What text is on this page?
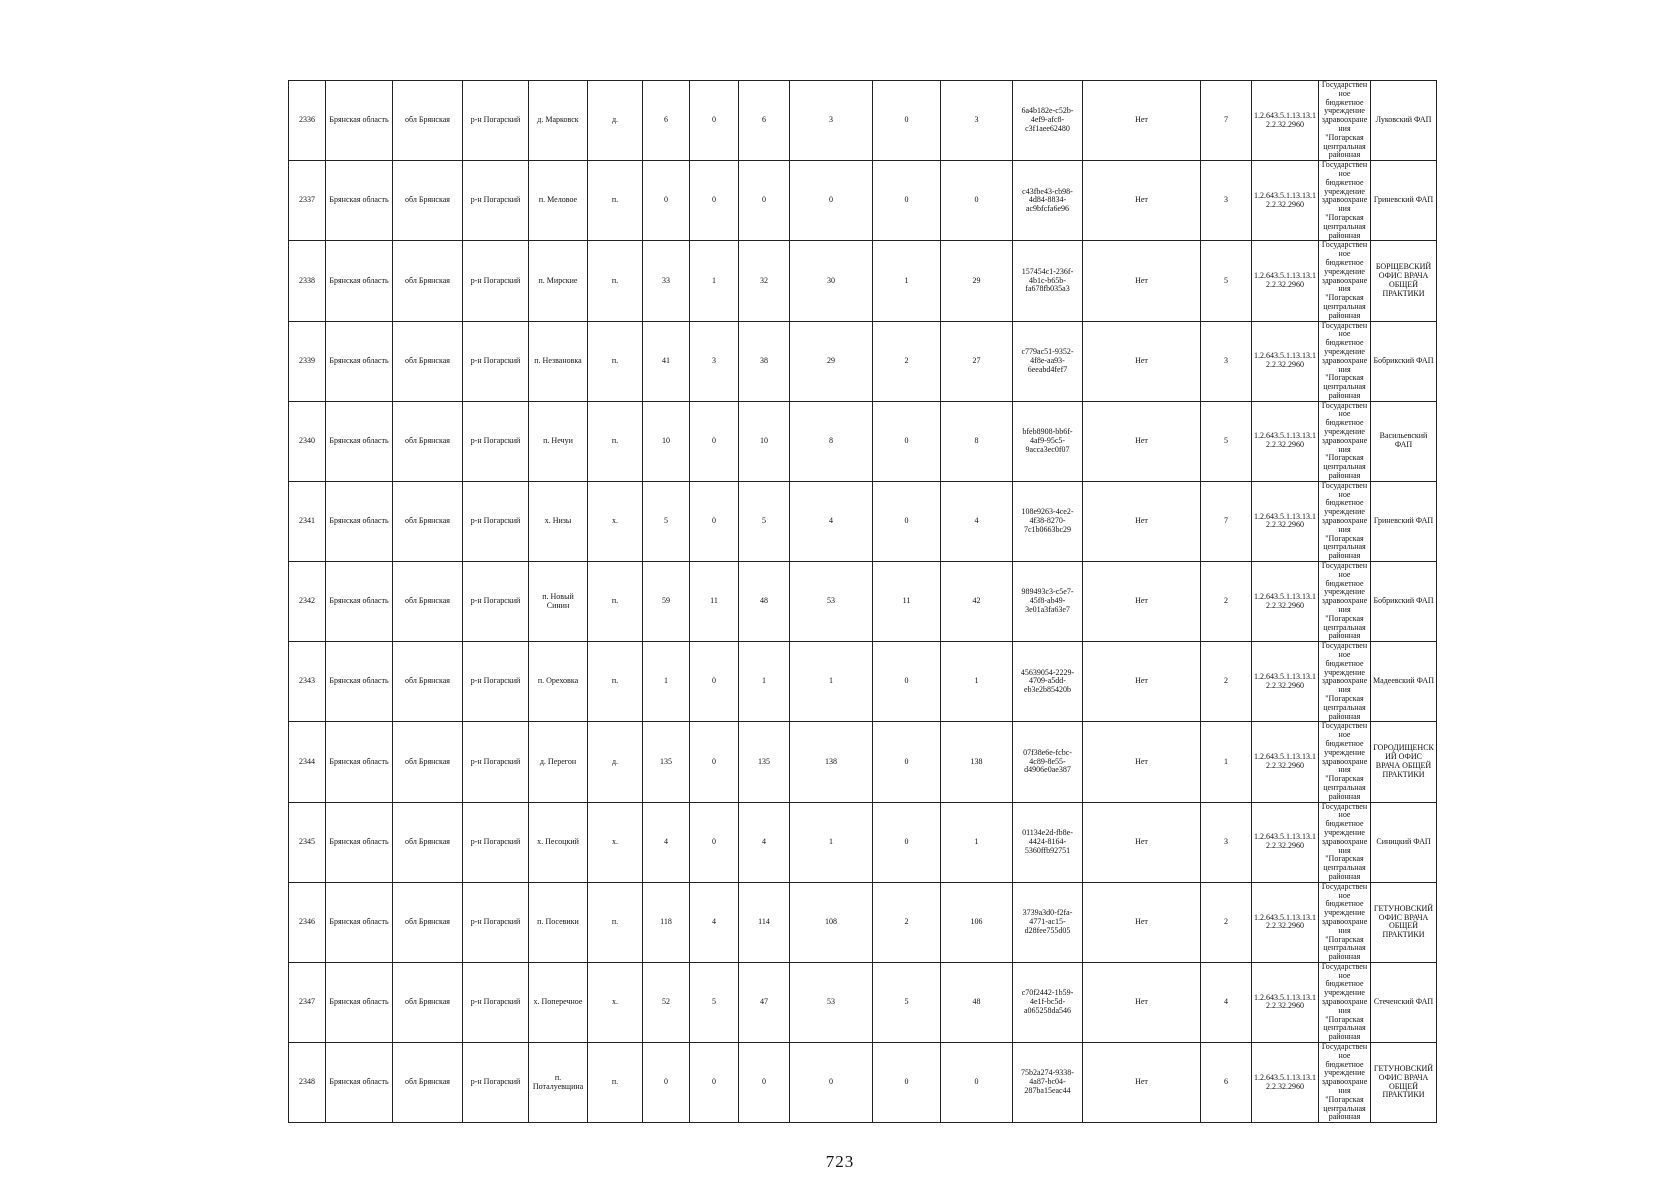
2336	Брянская область	обл Брянская	р-н Погарский	д. Марковск	д.	6	0	6	3	0	3	6a4b182e-c52b-4ef9-afc8-c3f1aee62480	Нет	7	1.2.643.5.1.13.13.12.2.32.2960	Государственное бюджетное учреждение здравоохранения "Погарская центральная районная	Луковский ФАП
2337	Брянская область	обл Брянская	р-н Погарский	п. Меловое	п.	0	0	0	0	0	0	c43fbe43-cb98-4d84-8834-ac9bfcfa6e96	Нет	3	1.2.643.5.1.13.13.12.2.32.2960	Государственное бюджетное учреждение здравоохранения "Погарская центральная районная	Гриневский ФАП
2338	Брянская область	обл Брянская	р-н Погарский	п. Мирские	п.	33	1	32	30	1	29	157454c1-236f-4b1c-b65b-fa678fb035a3	Нет	5	1.2.643.5.1.13.13.12.2.32.2960	Государственное бюджетное учреждение здравоохранения "Погарская центральная районная	БОРЩЕВСКИЙ ОФИС ВРАЧА ОБЩЕЙ ПРАКТИКИ
2339	Брянская область	обл Брянская	р-н Погарский	п. Незвановка	п.	41	3	38	29	2	27	c779ac51-9352-4f8e-aa93-6eeabd4fef7	Нет	3	1.2.643.5.1.13.13.12.2.32.2960	Государственное бюджетное учреждение здравоохранения "Погарская центральная районная	Бобрикский ФАП
2340	Брянская область	обл Брянская	р-н Погарский	п. Нечуи	п.	10	0	10	8	0	8	bfeb8908-bb6f-4af9-95c5-9acca3ec0f07	Нет	5	1.2.643.5.1.13.13.12.2.32.2960	Государственное бюджетное учреждение здравоохранения "Погарская центральная районная	Васильевский ФАП
2341	Брянская область	обл Брянская	р-н Погарский	х. Низы	х.	5	0	5	4	0	4	108e9263-4ce2-4f38-8270-7c1b0663bc29	Нет	7	1.2.643.5.1.13.13.12.2.32.2960	Государственное бюджетное учреждение здравоохранения "Погарская центральная районная	Гриневский ФАП
2342	Брянская область	обл Брянская	р-н Погарский	п. Новый Синин	п.	59	11	48	53	11	42	989493c3-c5e7-45f8-ab49-3e01a3fa63e7	Нет	2	1.2.643.5.1.13.13.12.2.32.2960	Государственное бюджетное учреждение здравоохранения "Погарская центральная районная	Бобрикский ФАП
2343	Брянская область	обл Брянская	р-н Погарский	п. Ореховка	п.	1	0	1	1	0	1	45639054-2229-4709-a5dd-eb3e2b85420b	Нет	2	1.2.643.5.1.13.13.12.2.32.2960	Государственное бюджетное учреждение здравоохранения "Погарская центральная районная	Мадеевский ФАП
2344	Брянская область	обл Брянская	р-н Погарский	д. Перегон	д.	135	0	135	138	0	138	07f38e6e-fcbc-4c89-8e55-d4906e0ae387	Нет	1	1.2.643.5.1.13.13.12.2.32.2960	Государственное бюджетное учреждение здравоохранения "Погарская центральная районная	ГОРОДИЩЕНСКИЙ ОФИС ВРАЧА ОБЩЕЙ ПРАКТИКИ
2345	Брянская область	обл Брянская	р-н Погарский	х. Песоцкий	х.	4	0	4	1	0	1	01134e2d-fb8e-4424-8164-5360ffb92751	Нет	3	1.2.643.5.1.13.13.12.2.32.2960	Государственное бюджетное учреждение здравоохранения "Погарская центральная районная	Синицкий ФАП
2346	Брянская область	обл Брянская	р-н Погарский	п. Посевики	п.	118	4	114	108	2	106	3739a3d0-f2fa-4771-ac15-d28fee755d05	Нет	2	1.2.643.5.1.13.13.12.2.32.2960	Государственное бюджетное учреждение здравоохранения "Погарская центральная районная	ГЕТУНОВСКИЙ ОФИС ВРАЧА ОБЩЕЙ ПРАКТИКИ
2347	Брянская область	обл Брянская	р-н Погарский	х. Поперечное	х.	52	5	47	53	5	48	c70f2442-1b59-4e1f-bc5d-a065258da546	Нет	4	1.2.643.5.1.13.13.12.2.32.2960	Государственное бюджетное учреждение здравоохранения "Погарская центральная районная	Стеченский ФАП
2348	Брянская область	обл Брянская	р-н Погарский	п. Поталуевщина	п.	0	0	0	0	0	0	75b2a274-9338-4a87-bc04-287ba15eac44	Нет	6	1.2.643.5.1.13.13.12.2.32.2960	Государственное бюджетное учреждение здравоохранения "Погарская центральная районная	ГЕТУНОВСКИЙ ОФИС ВРАЧА ОБЩЕЙ ПРАКТИКИ
723
